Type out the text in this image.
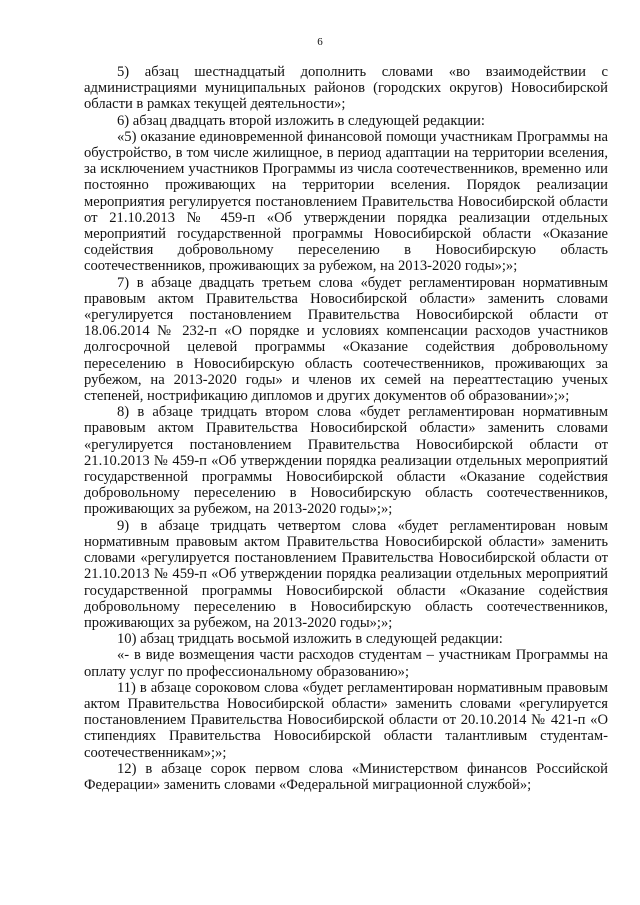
6

5) абзац шестнадцатый дополнить словами «во взаимодействии с администрациями муниципальных районов (городских округов) Новосибирской области в рамках текущей деятельности»;

6) абзац двадцать второй изложить в следующей редакции:

«5) оказание единовременной финансовой помощи участникам Программы на обустройство, в том числе жилищное, в период адаптации на территории вселения, за исключением участников Программы из числа соотечественников, временно или постоянно проживающих на территории вселения. Порядок реализации мероприятия регулируется постановлением Правительства Новосибирской области от 21.10.2013 № 459-п «Об утверждении порядка реализации отдельных мероприятий государственной программы Новосибирской области «Оказание содействия добровольному переселению в Новосибирскую область соотечественников, проживающих за рубежом, на 2013-2020 годы»;»;

7) в абзаце двадцать третьем слова «будет регламентирован нормативным правовым актом Правительства Новосибирской области» заменить словами «регулируется постановлением Правительства Новосибирской области от 18.06.2014 № 232-п «О порядке и условиях компенсации расходов участников долгосрочной целевой программы «Оказание содействия добровольному переселению в Новосибирскую область соотечественников, проживающих за рубежом, на 2013-2020 годы» и членов их семей на переаттестацию ученых степеней, нострификацию дипломов и других документов об образовании»;»;

8) в абзаце тридцать втором слова «будет регламентирован нормативным правовым актом Правительства Новосибирской области» заменить словами «регулируется постановлением Правительства Новосибирской области от 21.10.2013 № 459-п «Об утверждении порядка реализации отдельных мероприятий государственной программы Новосибирской области «Оказание содействия добровольному переселению в Новосибирскую область соотечественников, проживающих за рубежом, на 2013-2020 годы»;»;

9) в абзаце тридцать четвертом слова «будет регламентирован новым нормативным правовым актом Правительства Новосибирской области» заменить словами «регулируется постановлением Правительства Новосибирской области от 21.10.2013 № 459-п «Об утверждении порядка реализации отдельных мероприятий государственной программы Новосибирской области «Оказание содействия добровольному переселению в Новосибирскую область соотечественников, проживающих за рубежом, на 2013-2020 годы»;»;

10) абзац тридцать восьмой изложить в следующей редакции:

«- в виде возмещения части расходов студентам – участникам Программы на оплату услуг по профессиональному образованию»;

11) в абзаце сороковом слова «будет регламентирован нормативным правовым актом Правительства Новосибирской области» заменить словами «регулируется постановлением Правительства Новосибирской области от 20.10.2014 № 421-п «О стипендиях Правительства Новосибирской области талантливым студентам-соотечественникам»;»;

12) в абзаце сорок первом слова «Министерством финансов Российской Федерации» заменить словами «Федеральной миграционной службой»;
